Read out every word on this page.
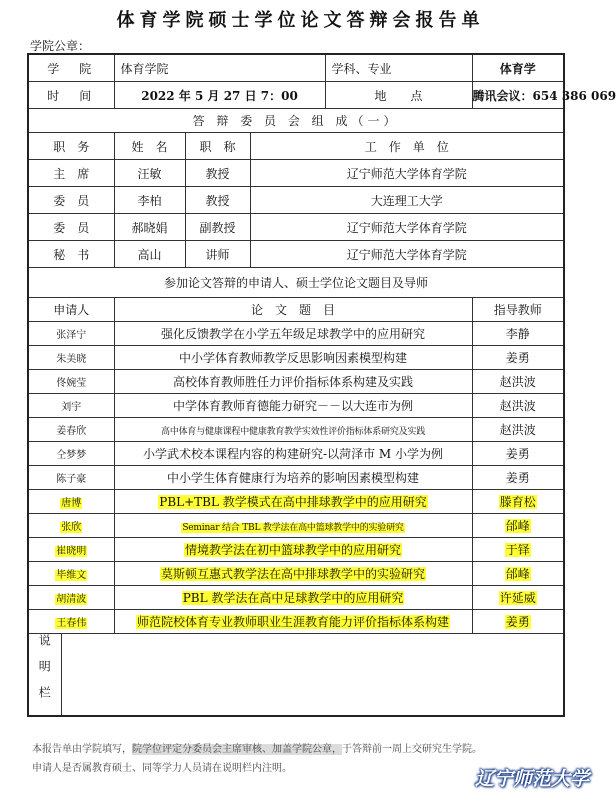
体育学院硕士学位论文答辩会报告单
学院公章：
学　院		体育学院			学科、专业	体育学
时　间		2022 年 5 月 27 日 7：00			地　　点	腾讯会议：654 386 069
答 辩 委 员 会 组 成（一）						
职　务		姓　名	职　称	工　作　单　位		
主　席		汪敏	教授	辽宁师范大学体育学院		
委　员		李柏	教授	大连理工大学		
委　员		郝晓娟	副教授	辽宁师范大学体育学院		
秘　书		高山	讲师	辽宁师范大学体育学院		
参加论文答辩的申请人、硕士学位论文题目及导师						
申请人		论　文　题　目				指导教师
张泽宁		强化反馈教学在小学五年级足球教学中的应用研究				李静
朱美晓		中小学体育教师教学反思影响因素模型构建				姜勇
佟婉莹		高校体育教师胜任力评价指标体系构建及实践				赵洪波
刘宇		中学体育教师育德能力研究－－以大连市为例				赵洪波
姜春欣		高中体育与健康课程中健康教育教学实效性评价指标体系研究及实践				赵洪波
仝梦梦		小学武术校本课程内容的构建研究-以菏泽市 M 小学为例				姜勇
陈子豪		中小学生体育健康行为培养的影响因素模型构建				姜勇
唐博		PBL+TBL 教学模式在高中排球教学中的应用研究				滕育松
张欣		Seminar 结合 TBL 教学法在高中篮球教学中的实验研究				邰峰
崔晓明		情境教学法在初中篮球教学中的应用研究				于铎
毕维文		莫斯顿互惠式教学法在高中排球教学中的实验研究				邰峰
胡清波		PBL 教学法在高中足球教学中的应用研究				许延威
王春伟		师范院校体育专业教师职业生涯教育能力评价指标体系构建				姜勇
说明栏						
本报告单由学院填写，院学位评定分委员会主席审核、加盖学院公章，于答辩前一周上交研究生学院。
申请人是否属教育硕士、同等学力人员请在说明栏内注明。	辽宁师范大学
